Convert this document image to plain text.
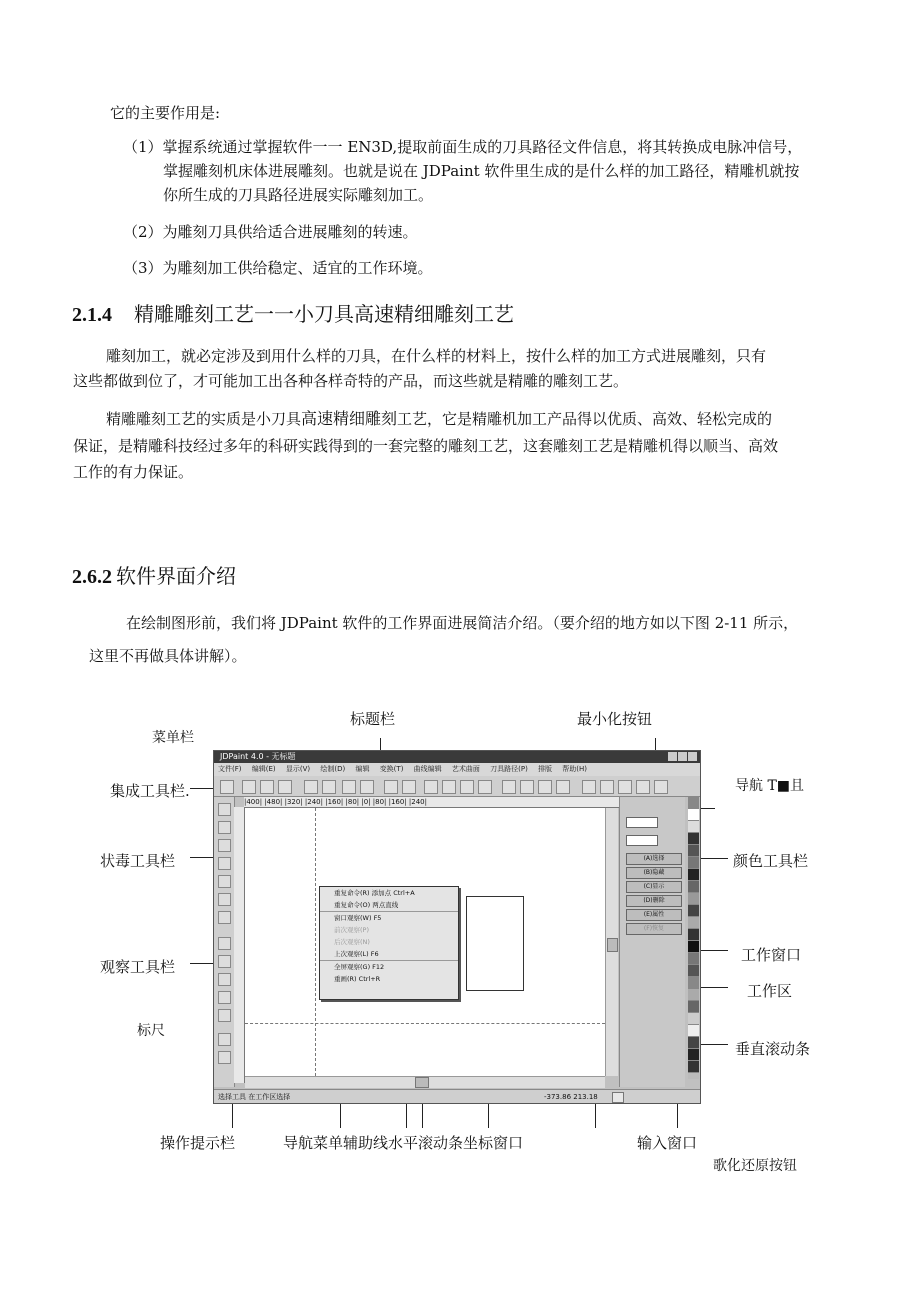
它的主要作用是:
（1）掌握系统通过掌握软件一一 EN3D,提取前面生成的刀具路径文件信息，将其转换成电脉冲信号，
掌握雕刻机床体进展雕刻。也就是说在 JDPaint 软件里生成的是什么样的加工路径，精雕机就按
你所生成的刀具路径进展实际雕刻加工。
（2）为雕刻刀具供给适合进展雕刻的转速。
（3）为雕刻加工供给稳定、适宜的工作环境。
2.1.4 精雕雕刻工艺一一小刀具高速精细雕刻工艺
雕刻加工，就必定涉及到用什么样的刀具，在什么样的材料上，按什么样的加工方式进展雕刻，只有
这些都做到位了，才可能加工出各种各样奇特的产品，而这些就是精雕的雕刻工艺。
精雕雕刻工艺的实质是小刀具高速精细雕刻工艺，它是精雕机加工产品得以优质、高效、轻松完成的
保证，是精雕科技经过多年的科研实践得到的一套完整的雕刻工艺，这套雕刻工艺是精雕机得以顺当、高效
工作的有力保证。
2.6.2 软件界面介绍
在绘制图形前，我们将 JDPaint 软件的工作界面进展简洁介绍。（要介绍的地方如以下图 2-11 所示，
这里不再做具体讲解）。
标题栏	最小化按钮
菜单栏
集成工具栏.	导航 T■且
状毒工具栏	颜色工具栏
观察工具栏
工作窗口
工作区
标尺
垂直滚动条
操作提示栏	导航菜单辅助线水平滚动条坐标窗口	输入窗口
歌化还原按钮
JDPaint 4.0 - 无标题
文件(F) 编辑(E) 显示(V) 绘制(D) 编辑 变换(T) 曲线编辑 艺术曲面 刀具路径(P) 排版 帮助(H)
|400| |480| |320| |240| |160| |80| |0| |80| |160| |240|
重复命令(R) 添加点 Ctrl+A
重复命令(O) 两点直线
窗口观察(W) F5
前次观察(P)
后次观察(N)
上次观察(L) F6
全屏观察(G) F12
重画(R) Ctrl+R
(A)选择
(B)隐藏
(C)显示
(D)删除
(E)属性
(F)恢复
选择工具 在工作区选择	-373.86 213.18
